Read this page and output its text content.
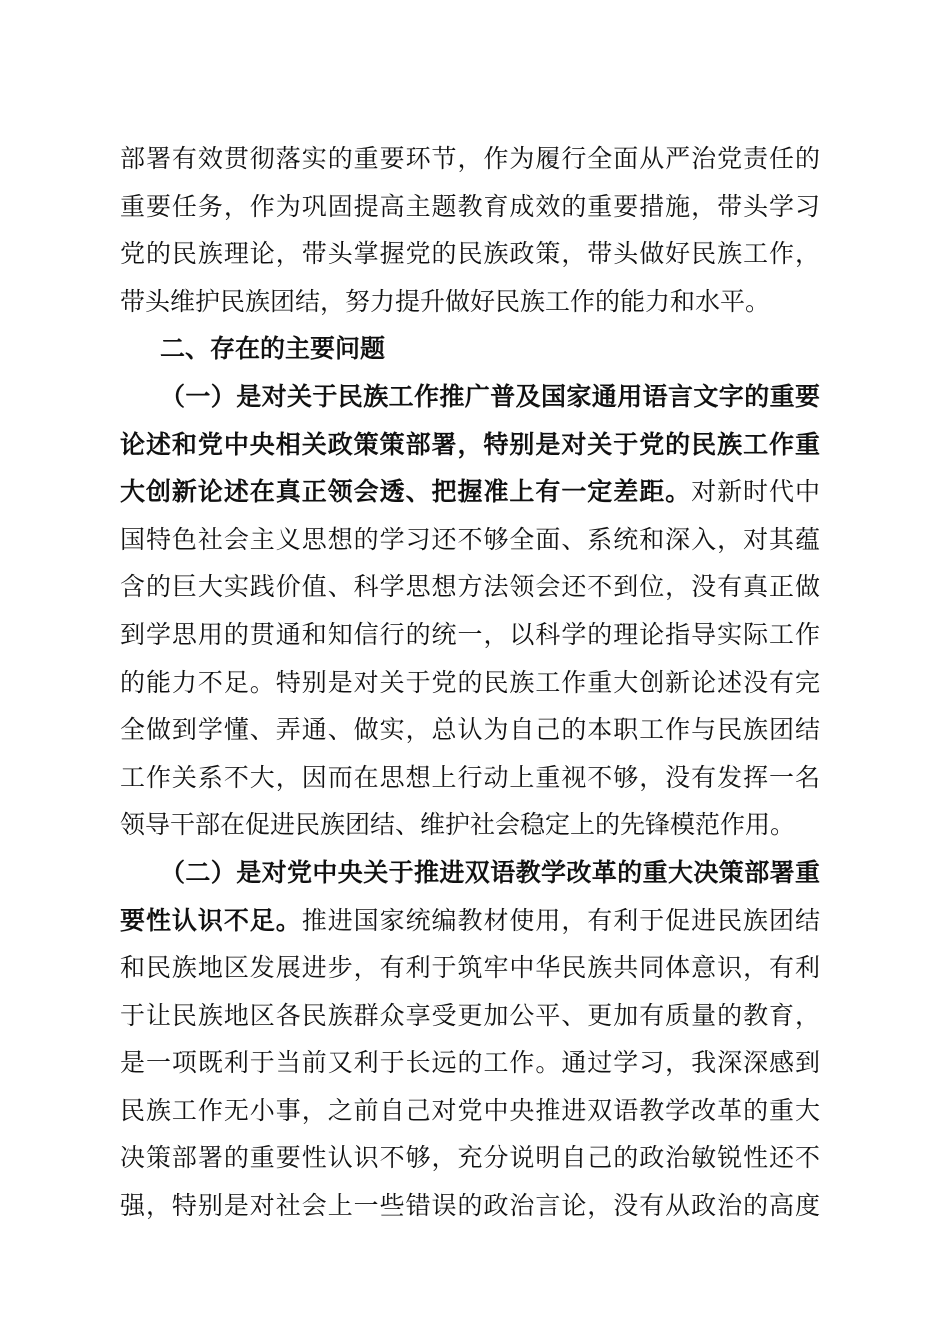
部署有效贯彻落实的重要环节，作为履行全面从严治党责任的
重要任务，作为巩固提高主题教育成效的重要措施，带头学习
党的民族理论，带头掌握党的民族政策，带头做好民族工作，
带头维护民族团结，努力提升做好民族工作的能力和水平。
二、存在的主要问题
（一）是对关于民族工作推广普及国家通用语言文字的重要
论述和党中央相关政策策部署，特别是对关于党的民族工作重
大创新论述在真正领会透、把握准上有一定差距。对新时代中
国特色社会主义思想的学习还不够全面、系统和深入，对其蕴
含的巨大实践价值、科学思想方法领会还不到位，没有真正做
到学思用的贯通和知信行的统一，以科学的理论指导实际工作
的能力不足。特别是对关于党的民族工作重大创新论述没有完
全做到学懂、弄通、做实，总认为自己的本职工作与民族团结
工作关系不大，因而在思想上行动上重视不够，没有发挥一名
领导干部在促进民族团结、维护社会稳定上的先锋模范作用。
（二）是对党中央关于推进双语教学改革的重大决策部署重
要性认识不足。推进国家统编教材使用，有利于促进民族团结
和民族地区发展进步，有利于筑牢中华民族共同体意识，有利
于让民族地区各民族群众享受更加公平、更加有质量的教育，
是一项既利于当前又利于长远的工作。通过学习，我深深感到
民族工作无小事，之前自己对党中央推进双语教学改革的重大
决策部署的重要性认识不够，充分说明自己的政治敏锐性还不
强，特别是对社会上一些错误的政治言论，没有从政治的高度
